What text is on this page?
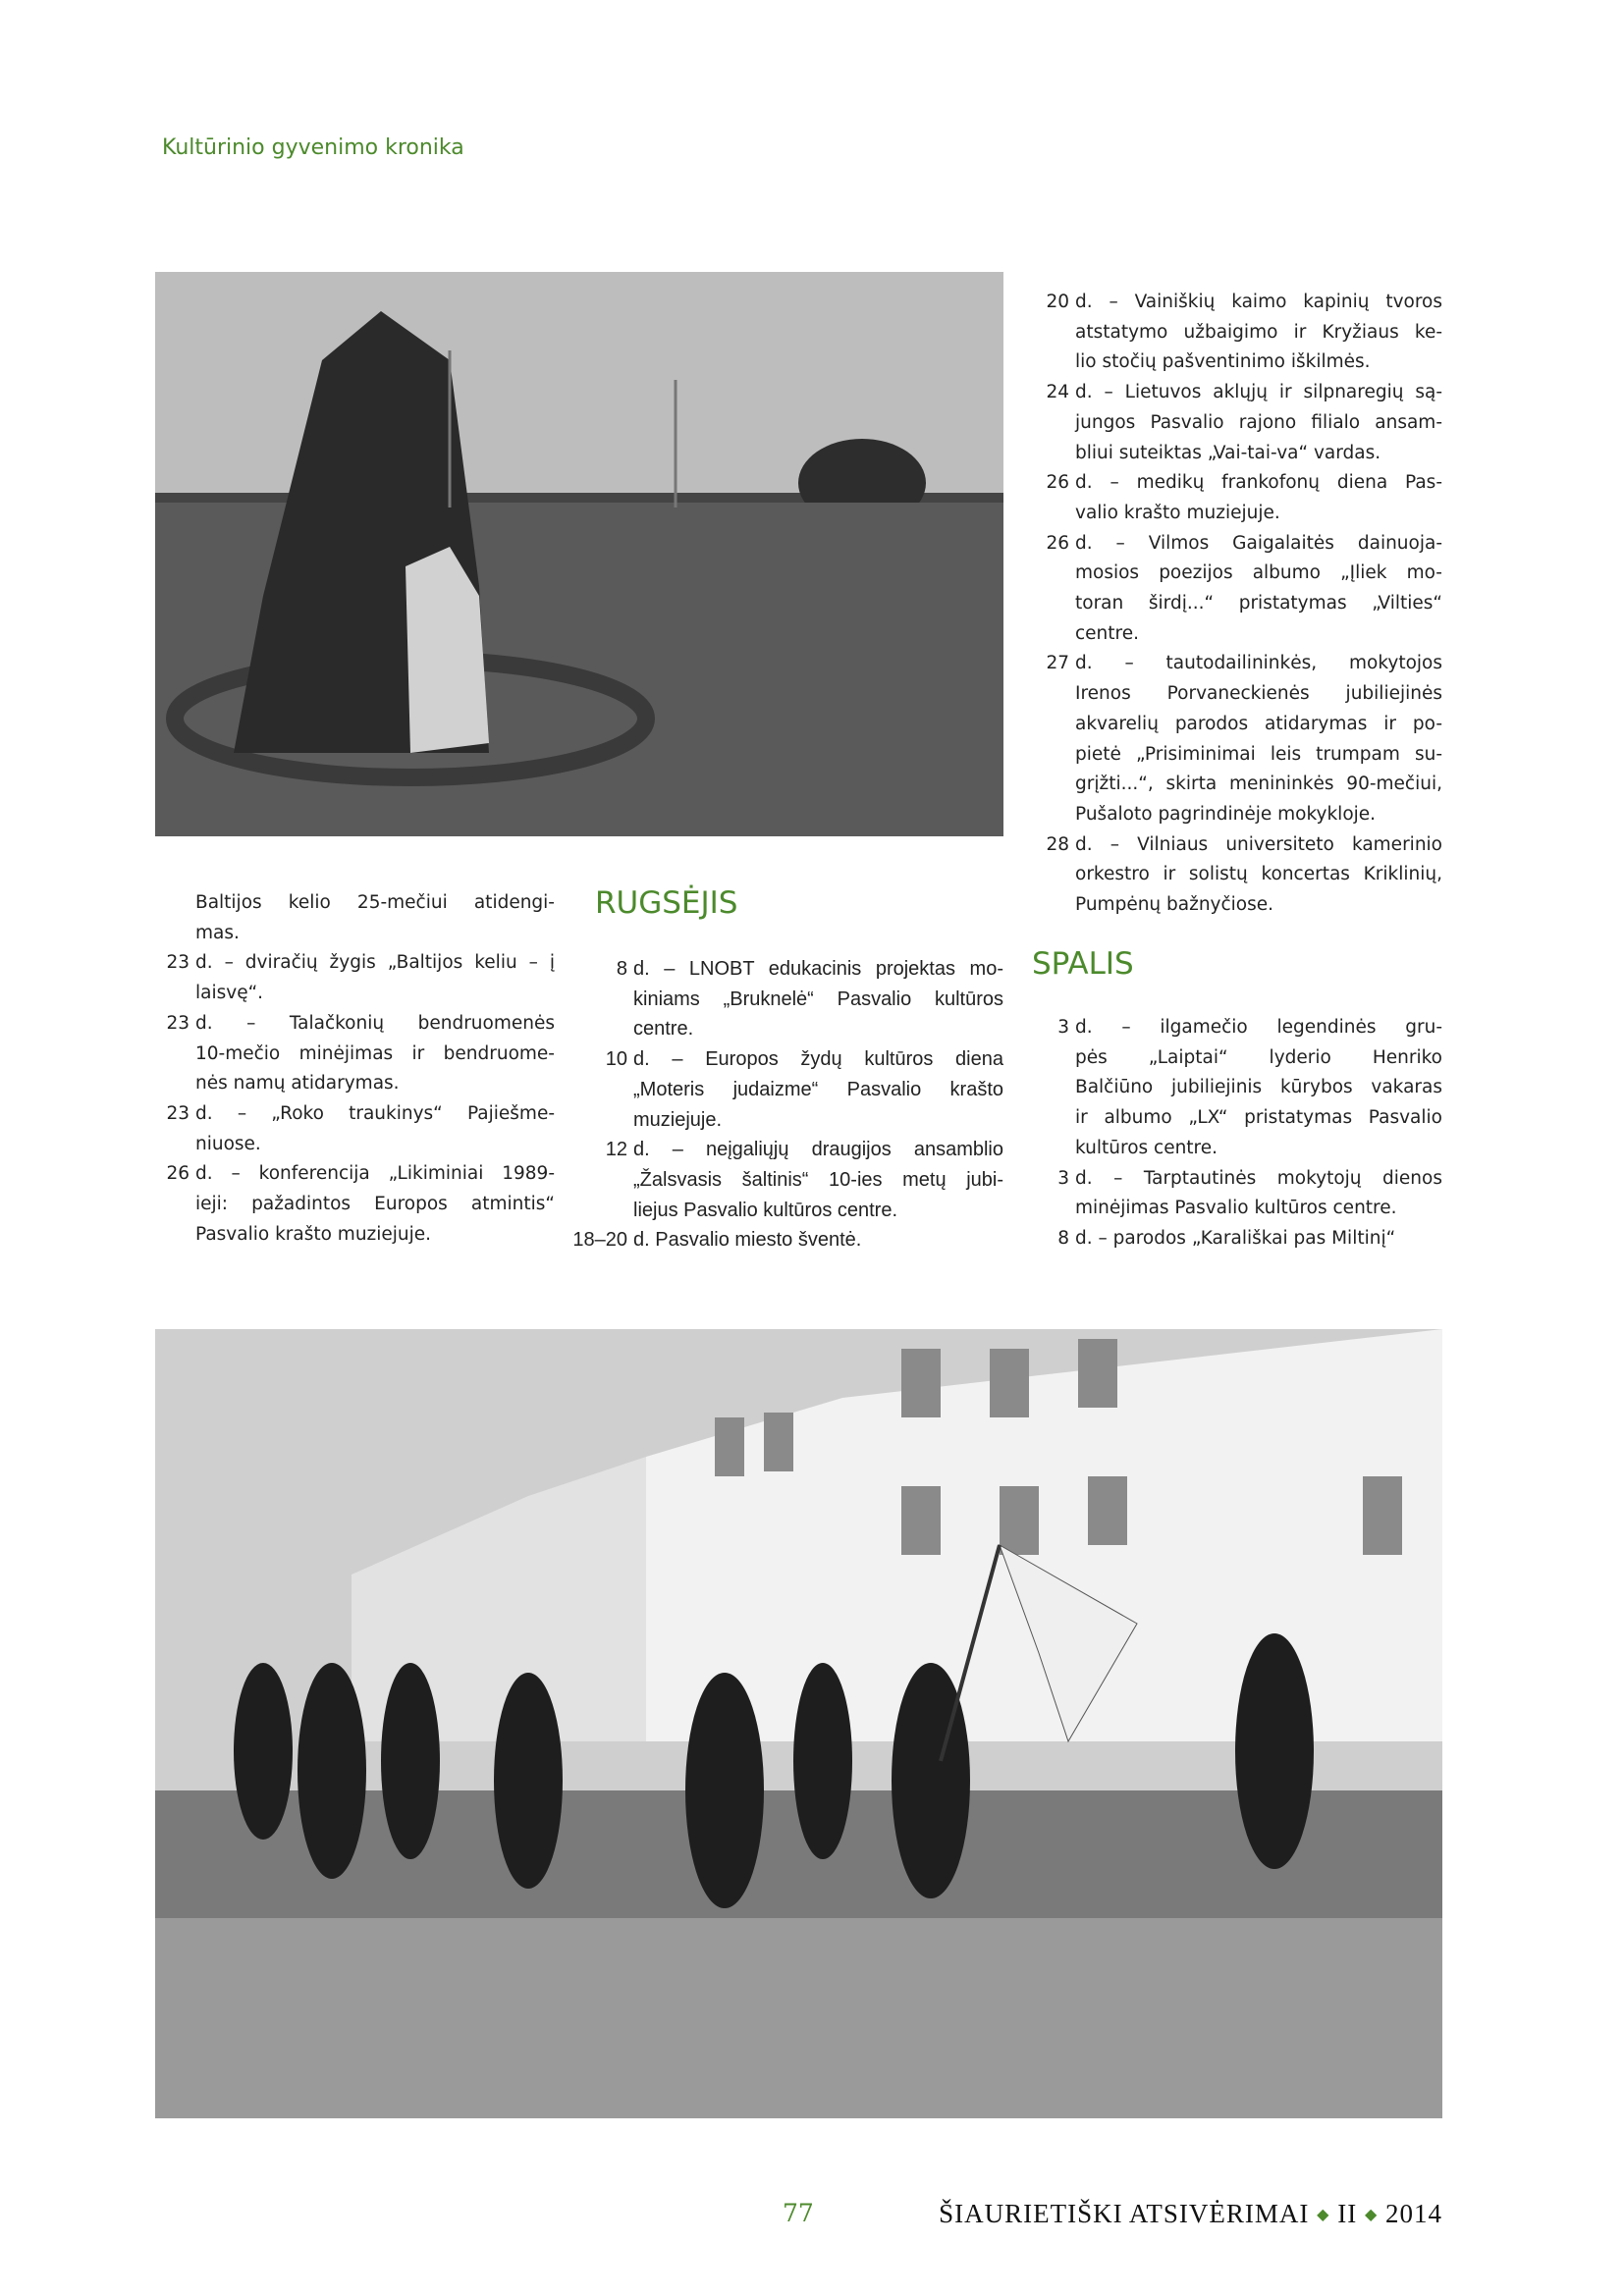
Kultūrinio gyvenimo kronika
Baltijos kelio 25-mečiui atidengi-
mas.
23 d. – dviračių žygis „Baltijos keliu – į
laisvę“.
23 d. – Talačkonių bendruomenės
10-mečio minėjimas ir bendruome-
nės namų atidarymas.
23 d. – „Roko traukinys“ Pajiešme-
niuose.
26 d. – konferencija „Likiminiai 1989-
ieji: pažadintos Europos atmintis“
Pasvalio krašto muziejuje.
RUGSĖJIS
8 d. – LNOBT edukacinis projektas mo-
kiniams „Bruknelė“ Pasvalio kultūros
centre.
10 d. – Europos žydų kultūros diena
„Moteris judaizme“ Pasvalio krašto
muziejuje.
12 d. – neįgaliųjų draugijos ansamblio
„Žalsvasis šaltinis“ 10-ies metų jubi-
liejus Pasvalio kultūros centre.
18–20 d. Pasvalio miesto šventė.
20 d. – Vainiškių kaimo kapinių tvoros
atstatymo užbaigimo ir Kryžiaus ke-
lio stočių pašventinimo iškilmės.
24 d. – Lietuvos aklųjų ir silpnaregių są-
jungos Pasvalio rajono filialo ansam-
bliui suteiktas „Vai-tai-va“ vardas.
26 d. – medikų frankofonų diena Pas-
valio krašto muziejuje.
26 d. – Vilmos Gaigalaitės dainuoja-
mosios poezijos albumo „Įliek mo-
toran širdį...“ pristatymas „Vilties“
centre.
27 d. – tautodailininkės, mokytojos
Irenos Porvaneckienės jubiliejinės
akvarelių parodos atidarymas ir po-
pietė „Prisiminimai leis trumpam su-
grįžti...“, skirta menininkės 90-mečiui,
Pušaloto pagrindinėje mokykloje.
28 d. – Vilniaus universiteto kamerinio
orkestro ir solistų koncertas Kriklinių,
Pumpėnų bažnyčiose.
SPALIS
3 d. – ilgamečio legendinės gru-
pės „Laiptai“ lyderio Henriko
Balčiūno jubiliejinis kūrybos vakaras
ir albumo „LX“ pristatymas Pasvalio
kultūros centre.
3 d. – Tarptautinės mokytojų dienos
minėjimas Pasvalio kultūros centre.
8 d. – parodos „Karališkai pas Miltinį“
77	ŠIAURIETIŠKI ATSIVĖRIMAI ◆ II ◆ 2014
